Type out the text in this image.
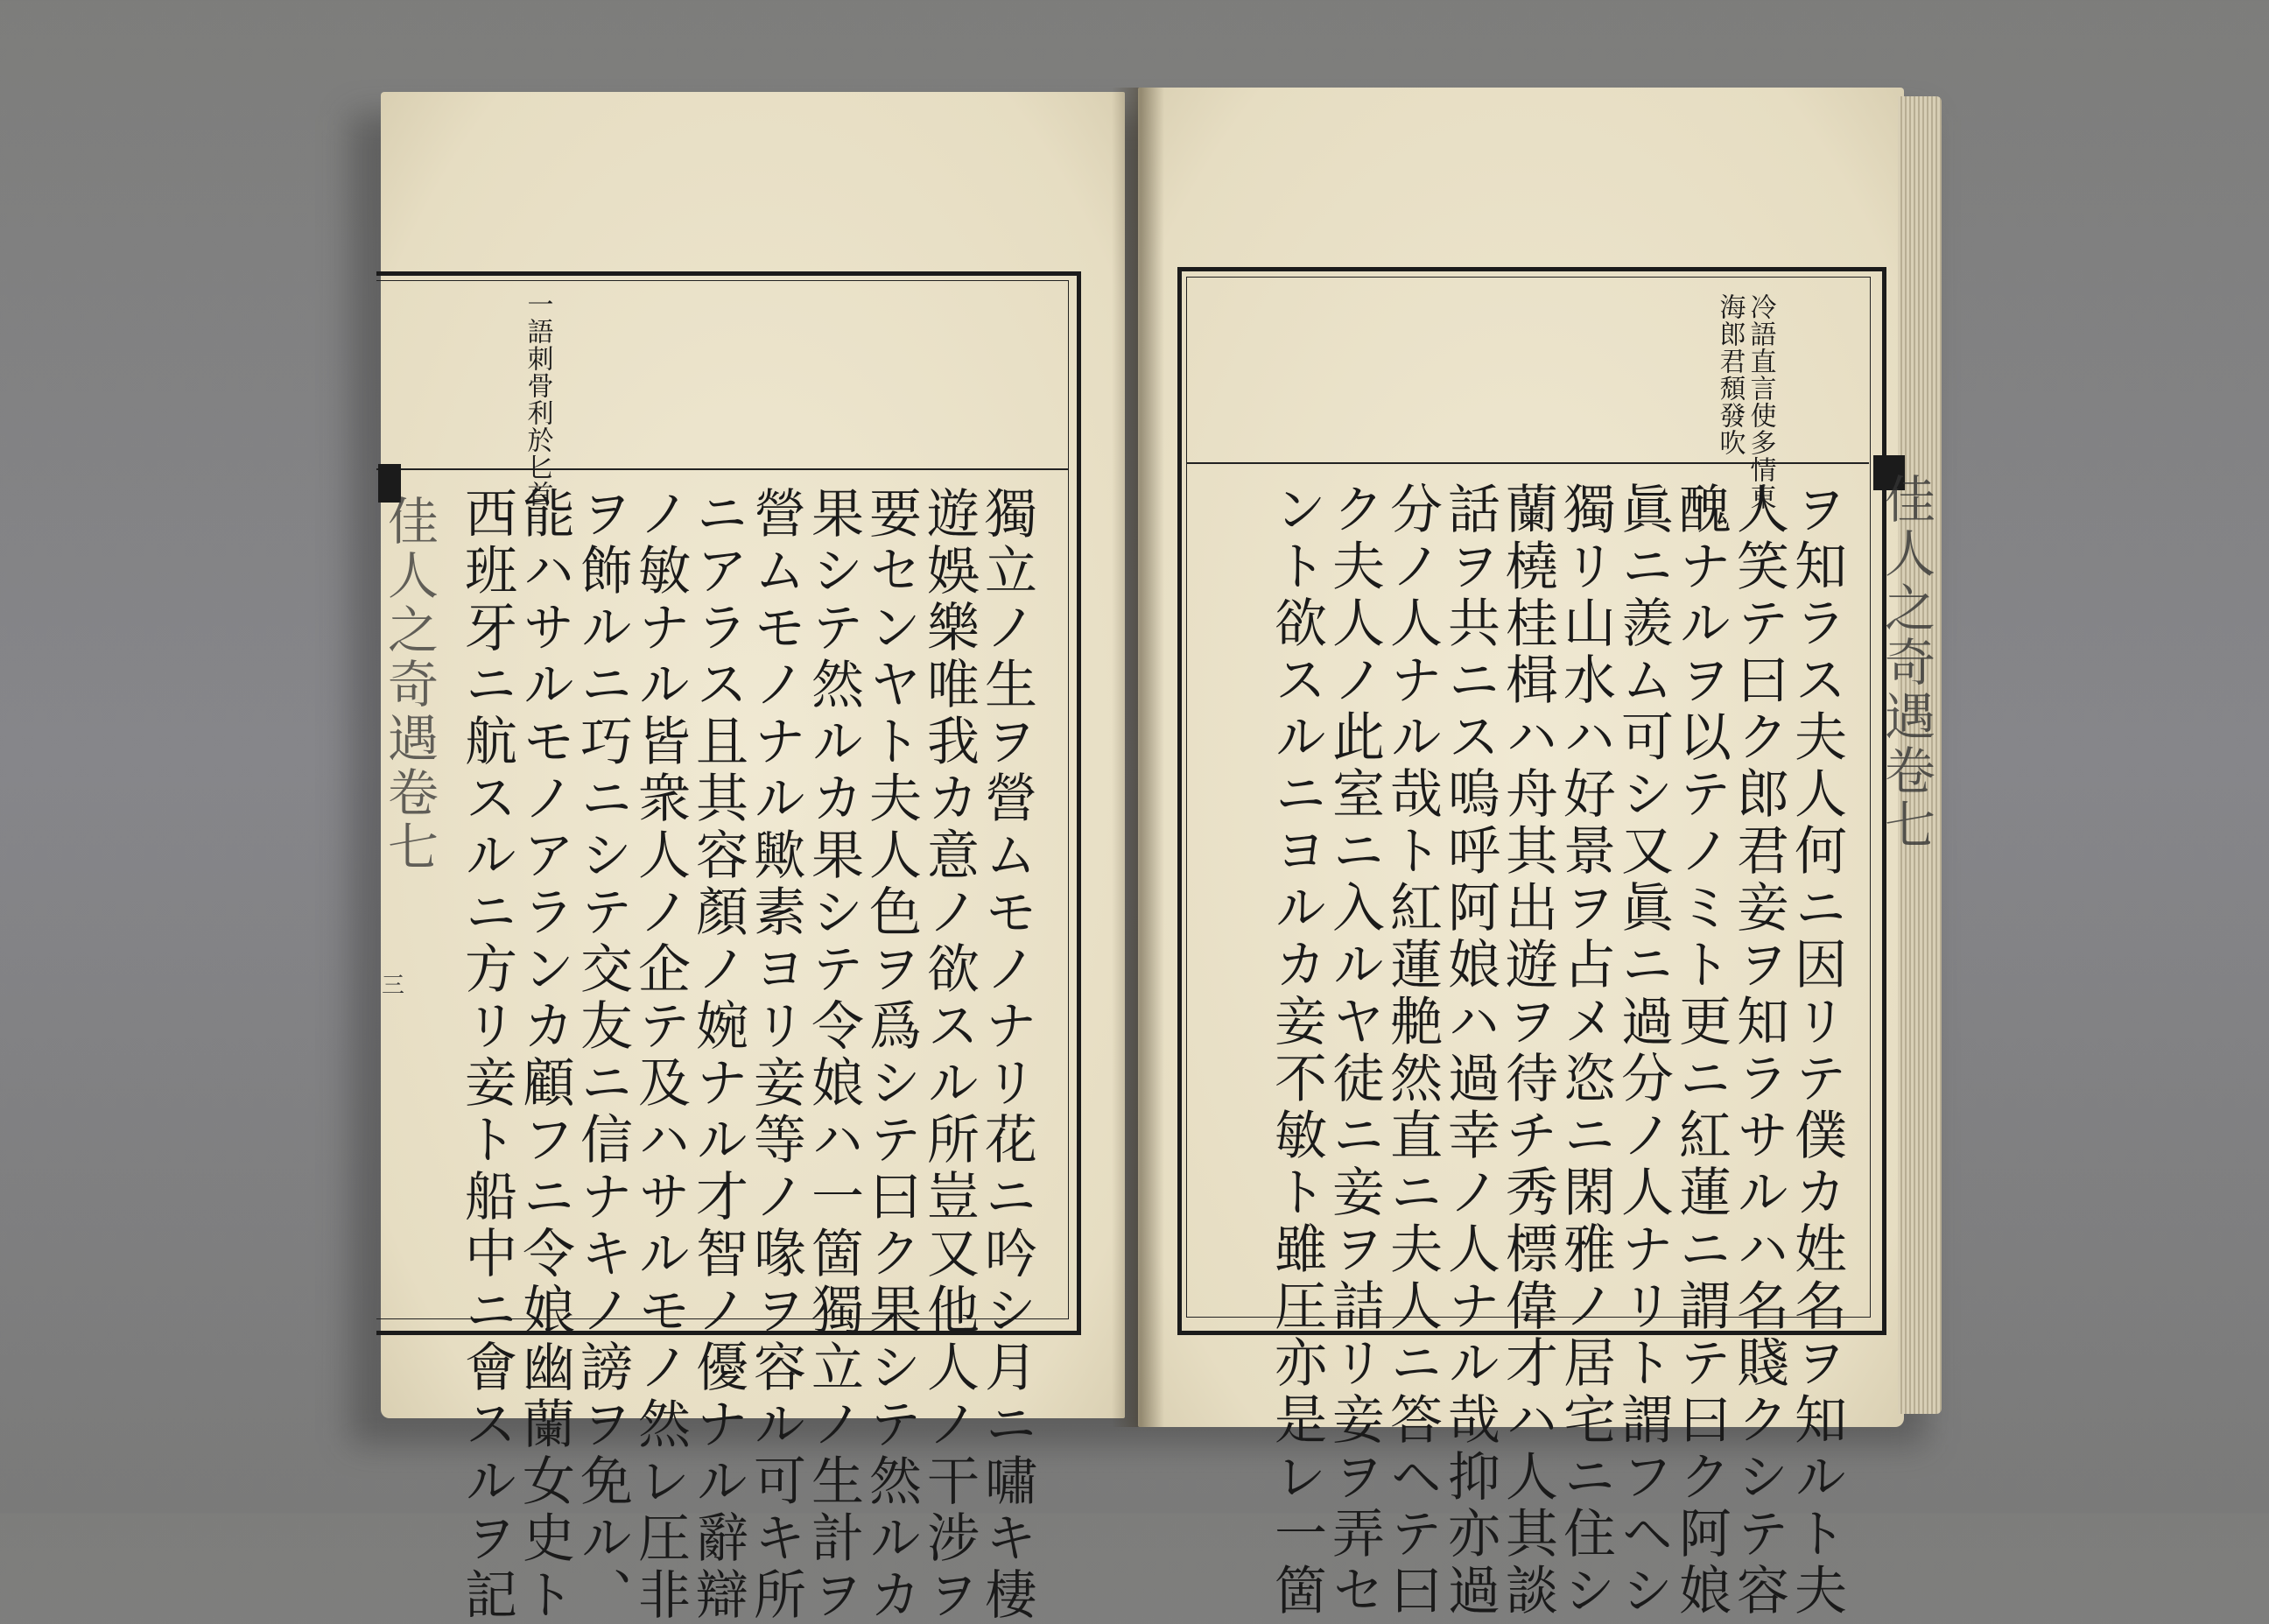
一語刺骨利於匕首
佳人之奇遇卷七
三	獨立ノ生ヲ營ムモノナリ花ニ吟シ月ニ嘯キ棲
遊娛樂唯我カ意ノ欲スル所豈又他人ノ干涉ヲ
要センヤト夫人色ヲ爲シテ曰ク果シテ然ルカ
果シテ然ルカ果シテ令娘ハ一箇獨立ノ生計ヲ
營ムモノナル歟素ヨリ妾等ノ喙ヲ容ル可キ所
ニアラス且其容顏ノ婉ナル才智ノ優ナル辭辯
ノ敏ナル皆衆人ノ企テ及ハサルモノ然レ圧非
ヲ飾ルニ巧ニシテ交友ニ信ナキノ謗ヲ免ル、
能ハサルモノアランカ顧フニ令娘幽蘭女史ト
西班牙ニ航スルニ方リ妾ト船中ニ會スルヲ記
冷語直言使多情東
海郎君頹發吹
佳人之奇遇卷七
ヲ知ラス夫人何ニ因リテ僕カ姓名ヲ知ルト夫
人笑テ曰ク郎君妾ヲ知ラサルハ名賤クシテ容
醜ナルヲ以テノミト更ニ紅蓮ニ謂テ曰ク阿娘
眞ニ羨ム可シ又眞ニ過分ノ人ナリト謂フヘシ
獨リ山水ハ好景ヲ占メ恣ニ閑雅ノ居宅ニ住シ
蘭橈桂楫ハ舟其出遊ヲ待チ秀標偉才ハ人其談
話ヲ共ニス嗚呼阿娘ハ過幸ノ人ナル哉抑亦過
分ノ人ナル哉ト紅蓮艴然直ニ夫人ニ答ヘテ曰
ク夫人ノ此室ニ入ルヤ徒ニ妾ヲ詰リ妾ヲ弄セ
ント欲スルニヨルカ妾不敏ト雖圧亦是レ一箇
